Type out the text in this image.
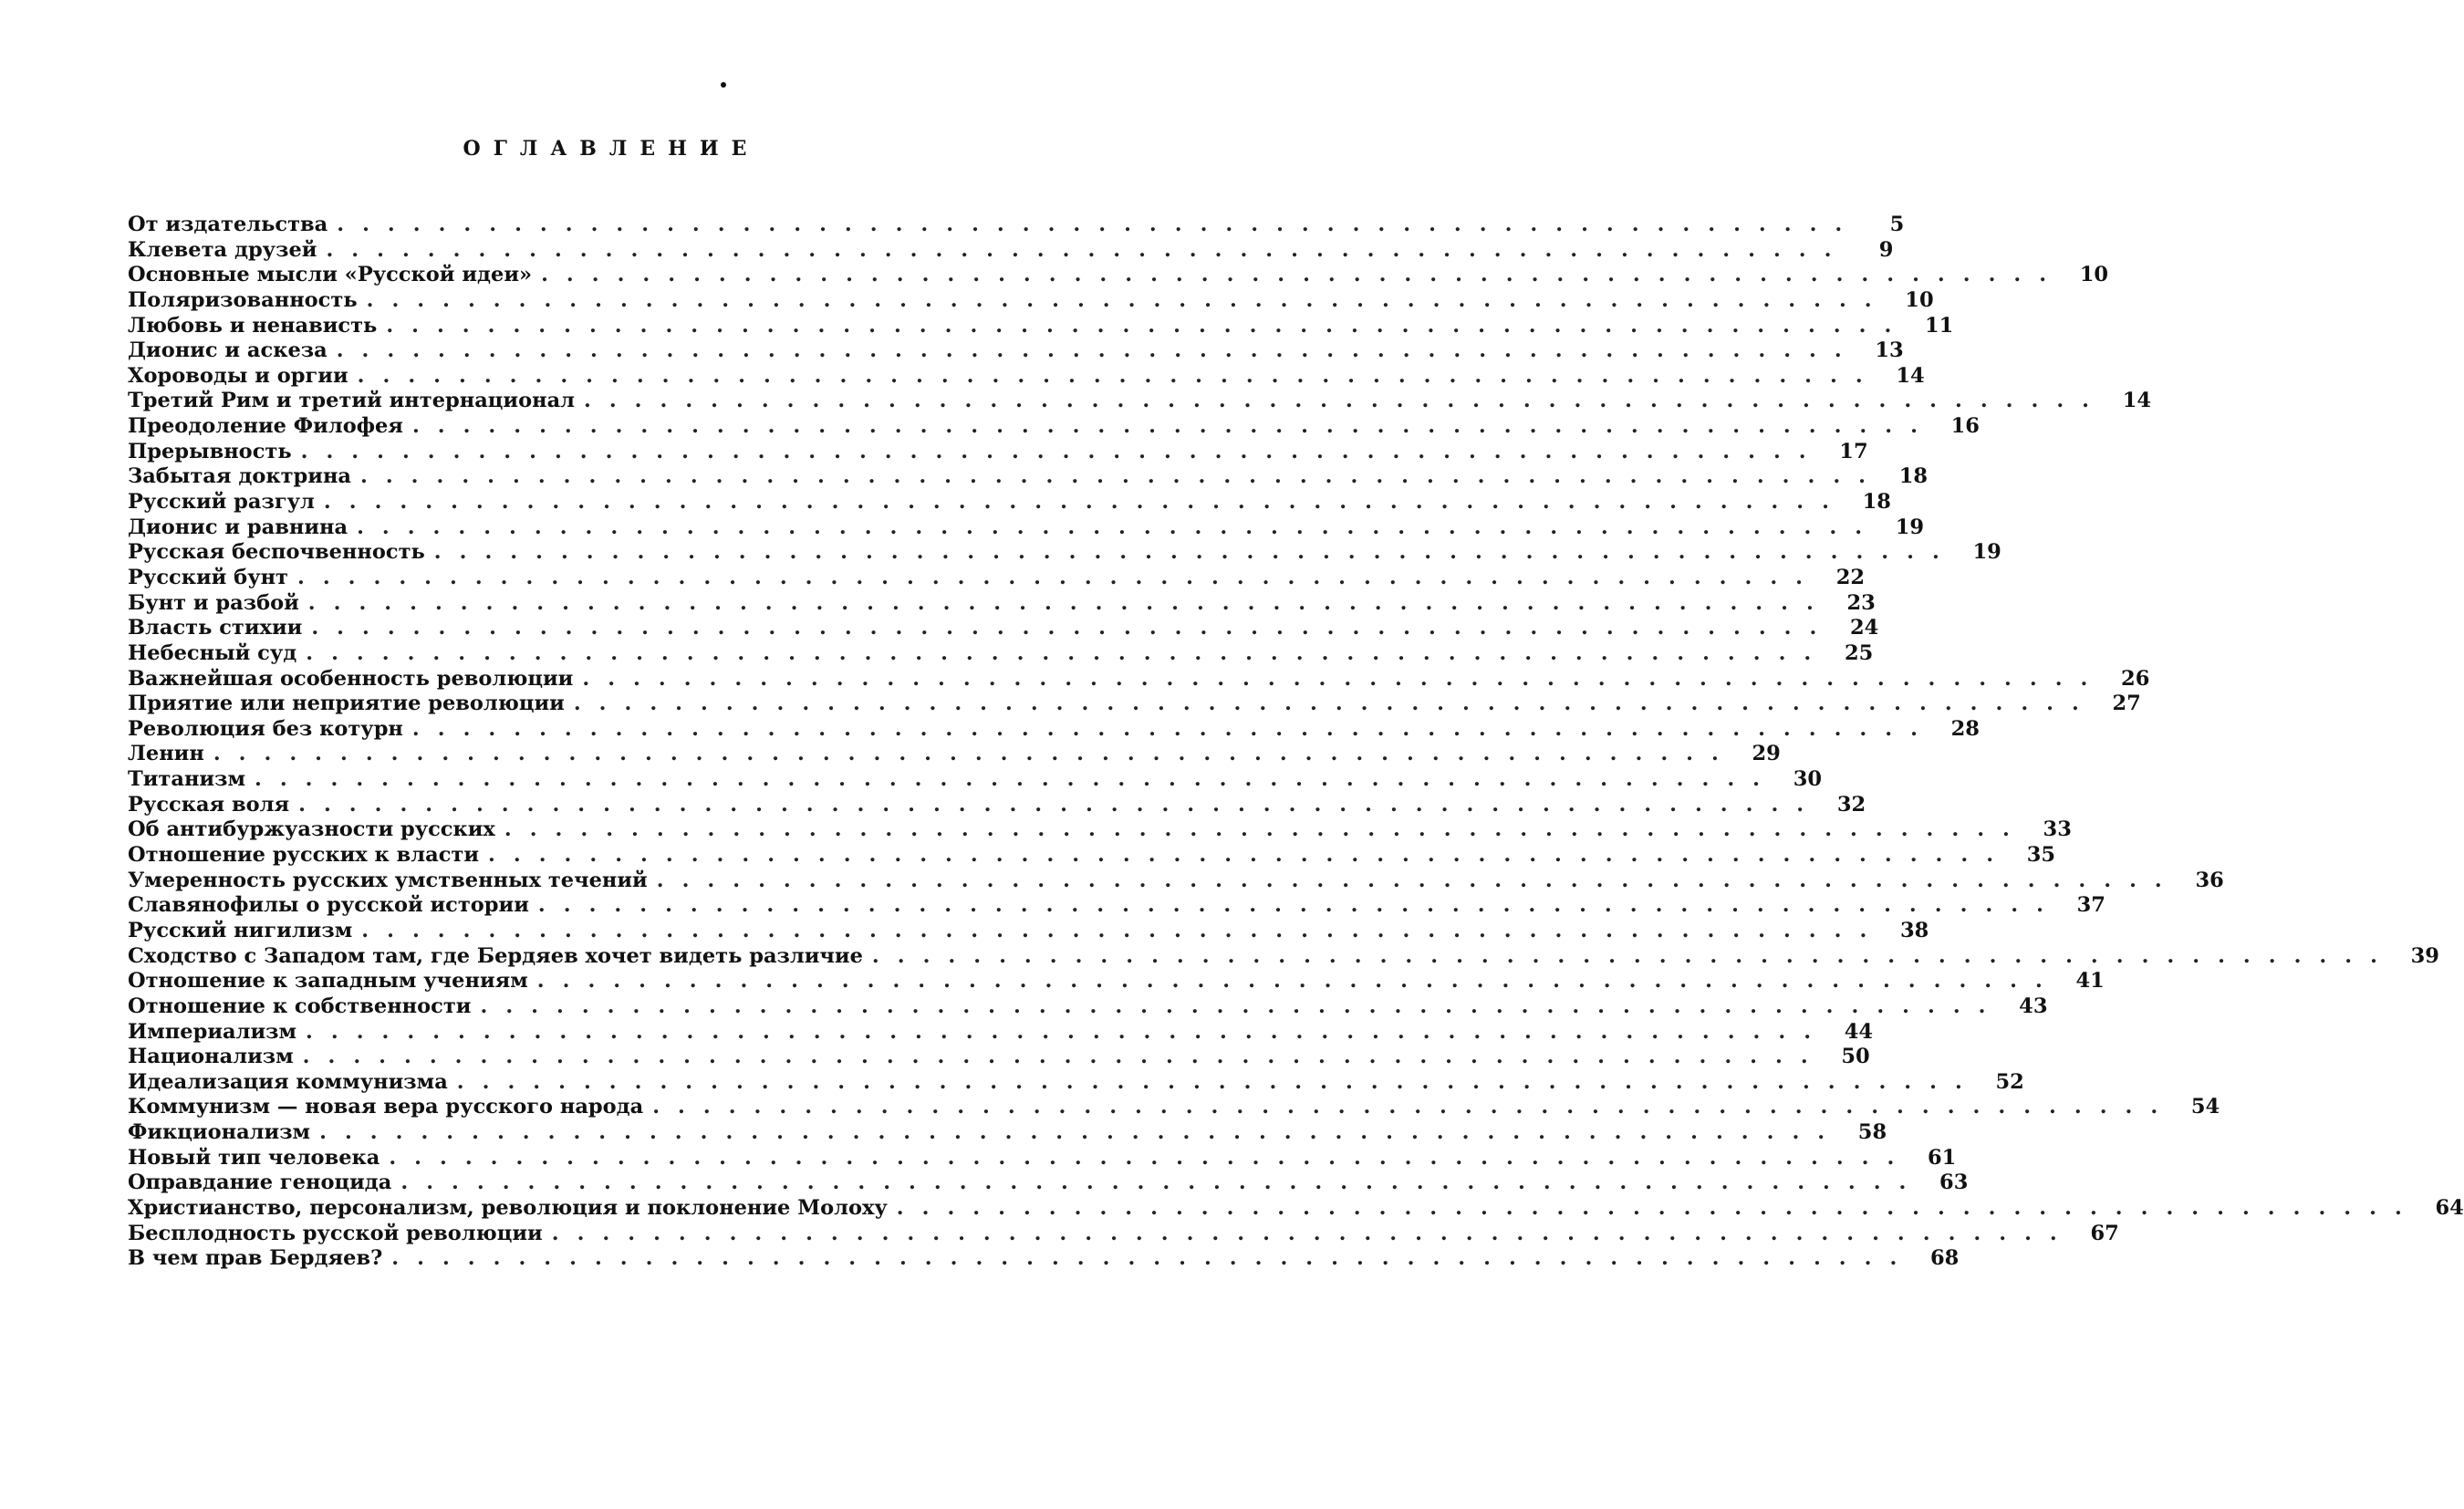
ОГЛАВЛЕНИЕ
От издательства ............................................................	5
Клевета друзей ............................................................	9
Основные мысли «Русской идеи» ............................................................ 10
Поляризованность ............................................................ 10
Любовь и ненависть ............................................................ 11
Дионис и аскеза ............................................................ 13
Хороводы и оргии ............................................................ 14
Третий Рим и третий интернационал ............................................................ 14
Преодоление Филофея ............................................................ 16
Прерывность ............................................................ 17
Забытая доктрина ............................................................ 18
Русский разгул ............................................................ 18
Дионис и равнина ............................................................ 19
Русская беспочвенность ............................................................ 19
Русский бунт ............................................................ 22
Бунт и разбой ............................................................ 23
Власть стихии ............................................................ 24
Небесный суд ............................................................ 25
Важнейшая особенность революции ............................................................ 26
Приятие или неприятие революции ............................................................ 27
Революция без котурн ............................................................ 28
Ленин ............................................................ 29
Титанизм ............................................................ 30
Русская воля ............................................................ 32
Об антибуржуазности русских ............................................................ 33
Отношение русских к власти ............................................................ 35
Умеренность русских умственных течений ............................................................ 36
Славянофилы о русской истории ............................................................ 37
Русский нигилизм ............................................................ 38
Сходство с Западом там, где Бердяев хочет видеть различие ............................................................ 39
Отношение к западным учениям ............................................................ 41
Отношение к собственности ............................................................ 43
Империализм ............................................................ 44
Национализм ............................................................ 50
Идеализация коммунизма ............................................................ 52
Коммунизм — новая вера русского народа ............................................................ 54
Фикционализм ............................................................ 58
Новый тип человека ............................................................ 61
Оправдание геноцида ............................................................ 63
Христианство, персонализм, революция и поклонение Молоху ............................................................ 64
Бесплодность русской революции ............................................................ 67
В чем прав Бердяев? ............................................................ 68
